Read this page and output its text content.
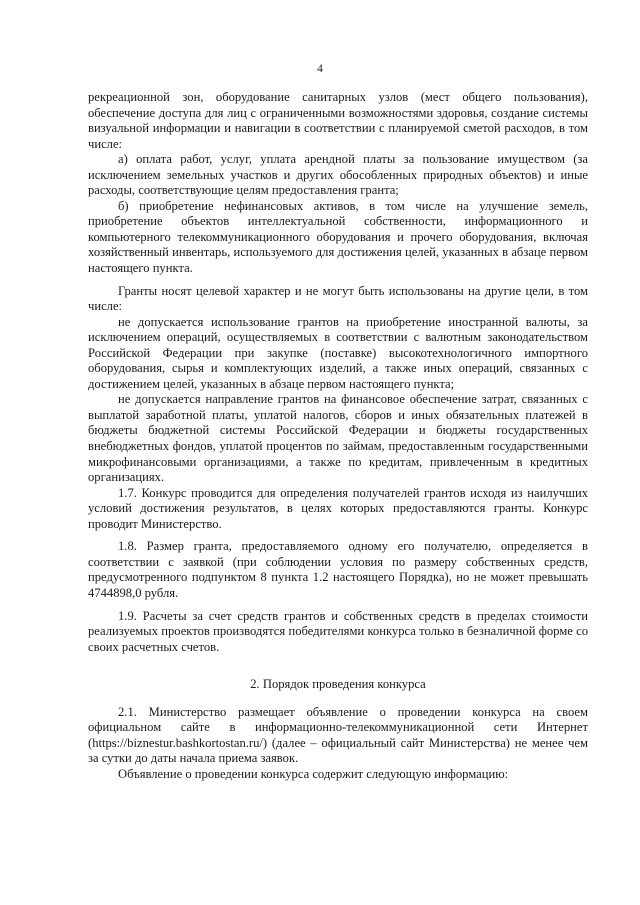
4

рекреационной зон, оборудование санитарных узлов (мест общего пользования), обеспечение доступа для лиц с ограниченными возможностями здоровья, создание системы визуальной информации и навигации в соответствии с планируемой сметой расходов, в том числе:

а) оплата работ, услуг, уплата арендной платы за пользование имуществом (за исключением земельных участков и других обособленных природных объектов) и иные расходы, соответствующие целям предоставления гранта;

б) приобретение нефинансовых активов, в том числе на улучшение земель, приобретение объектов интеллектуальной собственности, информационного и компьютерного телекоммуникационного оборудования и прочего оборудования, включая хозяйственный инвентарь, используемого для достижения целей, указанных в абзаце первом настоящего пункта.

Гранты носят целевой характер и не могут быть использованы на другие цели, в том числе:

не допускается использование грантов на приобретение иностранной валюты, за исключением операций, осуществляемых в соответствии с валютным законодательством Российской Федерации при закупке (поставке) высокотехнологичного импортного оборудования, сырья и комплектующих изделий, а также иных операций, связанных с достижением целей, указанных в абзаце первом настоящего пункта;

не допускается направление грантов на финансовое обеспечение затрат, связанных с выплатой заработной платы, уплатой налогов, сборов и иных обязательных платежей в бюджеты бюджетной системы Российской Федерации и бюджеты государственных внебюджетных фондов, уплатой процентов по займам, предоставленным государственными микрофинансовыми организациями, а также по кредитам, привлеченным в кредитных организациях.

1.7. Конкурс проводится для определения получателей грантов исходя из наилучших условий достижения результатов, в целях которых предоставляются гранты. Конкурс проводит Министерство.

1.8. Размер гранта, предоставляемого одному его получателю, определяется в соответствии с заявкой (при соблюдении условия по размеру собственных средств, предусмотренного подпунктом 8 пункта 1.2 настоящего Порядка), но не может превышать 4744898,0 рубля.

1.9. Расчеты за счет средств грантов и собственных средств в пределах стоимости реализуемых проектов производятся победителями конкурса только в безналичной форме со своих расчетных счетов.

2. Порядок проведения конкурса

2.1. Министерство размещает объявление о проведении конкурса на своем официальном сайте в информационно-телекоммуникационной сети Интернет (https://biznestur.bashkortostan.ru/) (далее – официальный сайт Министерства) не менее чем за сутки до даты начала приема заявок.

Объявление о проведении конкурса содержит следующую информацию:
